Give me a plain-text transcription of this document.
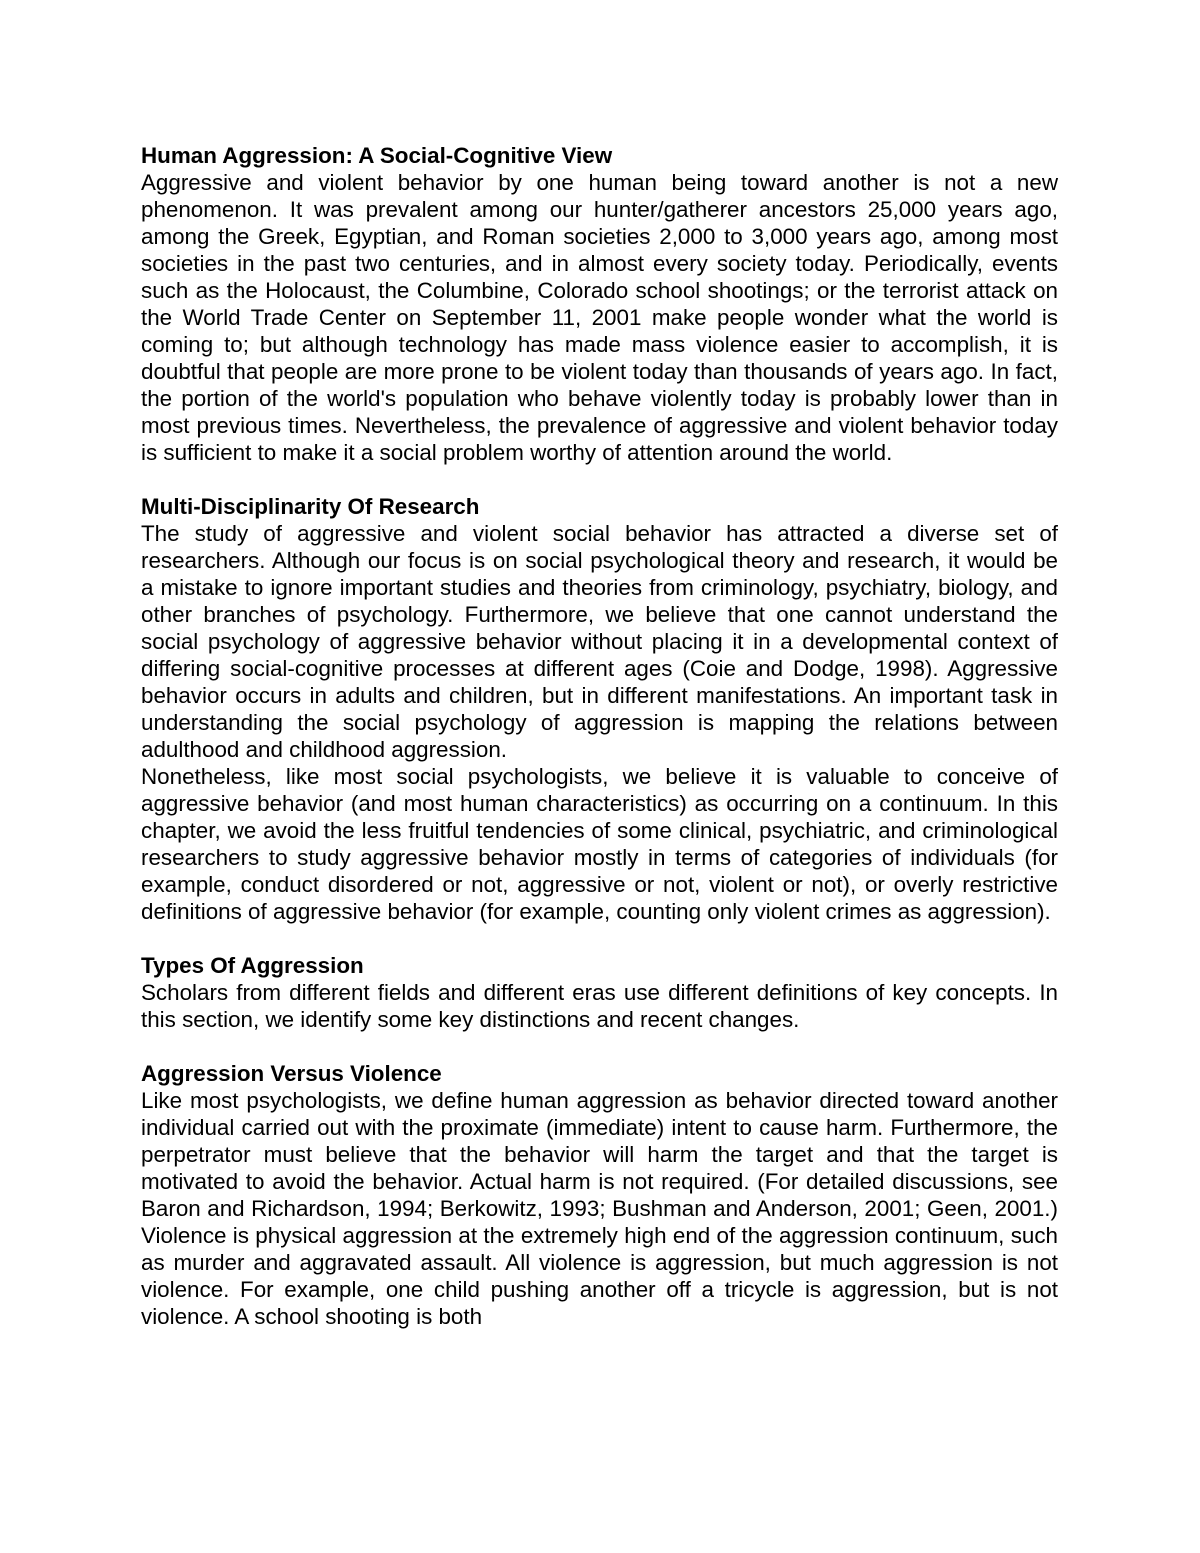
Human Aggression: A Social-Cognitive View
Aggressive and violent behavior by one human being toward another is not a new phenomenon. It was prevalent among our hunter/gatherer ancestors 25,000 years ago, among the Greek, Egyptian, and Roman societies 2,000 to 3,000 years ago, among most societies in the past two centuries, and in almost every society today. Periodically, events such as the Holocaust, the Columbine, Colorado school shootings; or the terrorist attack on the World Trade Center on September 11, 2001 make people wonder what the world is coming to; but although technology has made mass violence easier to accomplish, it is doubtful that people are more prone to be violent today than thousands of years ago. In fact, the portion of the world's population who behave violently today is probably lower than in most previous times. Nevertheless, the prevalence of aggressive and violent behavior today is sufficient to make it a social problem worthy of attention around the world.
Multi-Disciplinarity Of Research
The study of aggressive and violent social behavior has attracted a diverse set of researchers. Although our focus is on social psychological theory and research, it would be a mistake to ignore important studies and theories from criminology, psychiatry, biology, and other branches of psychology. Furthermore, we believe that one cannot understand the social psychology of aggressive behavior without placing it in a developmental context of differing social-cognitive processes at different ages (Coie and Dodge, 1998). Aggressive behavior occurs in adults and children, but in different manifestations. An important task in understanding the social psychology of aggression is mapping the relations between adulthood and childhood aggression.
Nonetheless, like most social psychologists, we believe it is valuable to conceive of aggressive behavior (and most human characteristics) as occurring on a continuum. In this chapter, we avoid the less fruitful tendencies of some clinical, psychiatric, and criminological researchers to study aggressive behavior mostly in terms of categories of individuals (for example, conduct disordered or not, aggressive or not, violent or not), or overly restrictive definitions of aggressive behavior (for example, counting only violent crimes as aggression).
Types Of Aggression
Scholars from different fields and different eras use different definitions of key concepts. In this section, we identify some key distinctions and recent changes.
Aggression Versus Violence
Like most psychologists, we define human aggression as behavior directed toward another individual carried out with the proximate (immediate) intent to cause harm. Furthermore, the perpetrator must believe that the behavior will harm the target and that the target is motivated to avoid the behavior. Actual harm is not required. (For detailed discussions, see Baron and Richardson, 1994; Berkowitz, 1993; Bushman and Anderson, 2001; Geen, 2001.) Violence is physical aggression at the extremely high end of the aggression continuum, such as murder and aggravated assault. All violence is aggression, but much aggression is not violence. For example, one child pushing another off a tricycle is aggression, but is not violence. A school shooting is both
